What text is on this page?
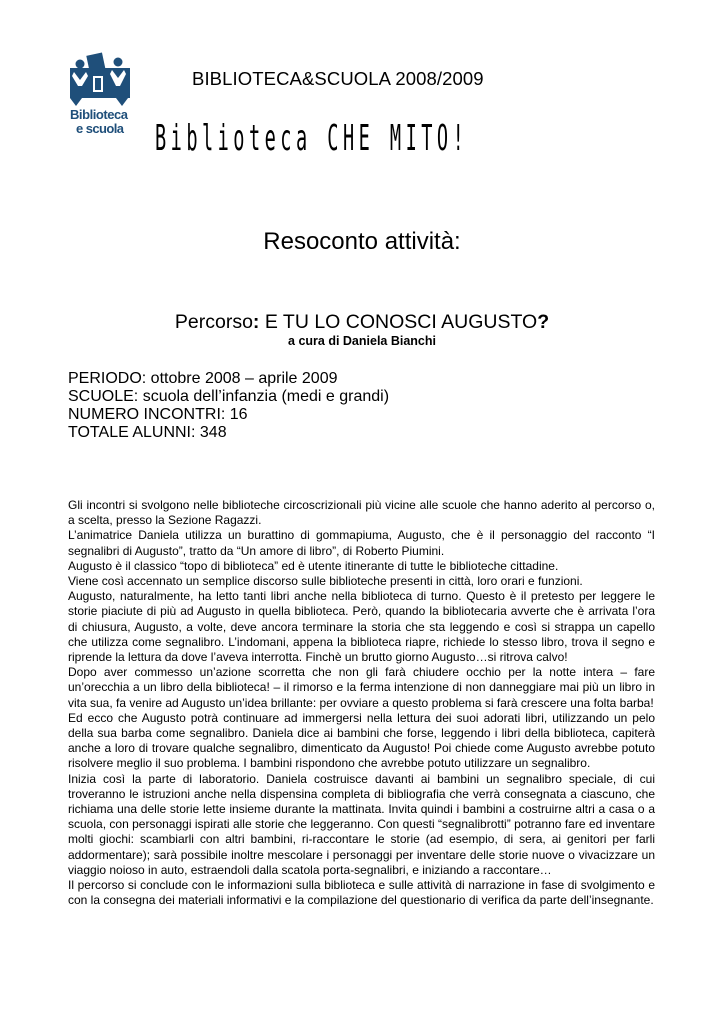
Biblioteca
e scuola
BIBLIOTECA&SCUOLA 2008/2009
Biblioteca CHE MITO!
Resoconto attività:
Percorso: E TU LO CONOSCI AUGUSTO?
a cura di Daniela Bianchi
PERIODO: ottobre 2008 – aprile 2009
SCUOLE: scuola dell’infanzia (medi e grandi)
NUMERO INCONTRI: 16
TOTALE ALUNNI: 348

Gli incontri si svolgono nelle biblioteche circoscrizionali più vicine alle scuole che hanno aderito al percorso o, a scelta, presso la Sezione Ragazzi.

L’animatrice Daniela utilizza un burattino di gommapiuma, Augusto, che è il personaggio del racconto “I segnalibri di Augusto”, tratto da “Un amore di libro”, di Roberto Piumini.

Augusto è il classico “topo di biblioteca” ed è utente itinerante di tutte le biblioteche cittadine.

Viene così accennato un semplice discorso sulle biblioteche presenti in città, loro orari e funzioni.

Augusto, naturalmente, ha letto tanti libri anche nella biblioteca di turno. Questo è il pretesto per leggere le storie piaciute di più ad Augusto in quella biblioteca. Però, quando la bibliotecaria avverte che è arrivata l’ora di chiusura, Augusto, a volte, deve ancora terminare la storia che sta leggendo e così si strappa un capello che utilizza come segnalibro. L’indomani, appena la biblioteca riapre, richiede lo stesso libro, trova il segno e riprende la lettura da dove l’aveva interrotta. Finchè un brutto giorno Augusto…si ritrova calvo!

Dopo aver commesso un’azione scorretta che non gli farà chiudere occhio per la notte intera – fare un’orecchia a un libro della biblioteca! – il rimorso e la ferma intenzione di non danneggiare mai più un libro in vita sua, fa venire ad Augusto un’idea brillante: per ovviare a questo problema si farà crescere una folta barba!

Ed ecco che Augusto potrà continuare ad immergersi nella lettura dei suoi adorati libri, utilizzando un pelo della sua barba come segnalibro. Daniela dice ai bambini che forse, leggendo i libri della biblioteca, capiterà anche a loro di trovare qualche segnalibro, dimenticato da Augusto! Poi chiede come Augusto avrebbe potuto risolvere meglio il suo problema. I bambini rispondono che avrebbe potuto utilizzare un segnalibro.

Inizia così la parte di laboratorio. Daniela costruisce davanti ai bambini un segnalibro speciale, di cui troveranno le istruzioni anche nella dispensina completa di bibliografia che verrà consegnata a ciascuno, che richiama una delle storie lette insieme durante la mattinata. Invita quindi i bambini a costruirne altri a casa o a scuola, con personaggi ispirati alle storie che leggeranno. Con questi “segnalibrotti” potranno fare ed inventare molti giochi: scambiarli con altri bambini, ri-raccontare le storie (ad esempio, di sera, ai genitori per farli addormentare); sarà possibile inoltre mescolare i personaggi per inventare delle storie nuove o vivacizzare un viaggio noioso in auto, estraendoli dalla scatola porta-segnalibri, e iniziando a raccontare…

Il percorso si conclude con le informazioni sulla biblioteca e sulle attività di narrazione in fase di svolgimento e con la consegna dei materiali informativi e la compilazione del questionario di verifica da parte dell’insegnante.
